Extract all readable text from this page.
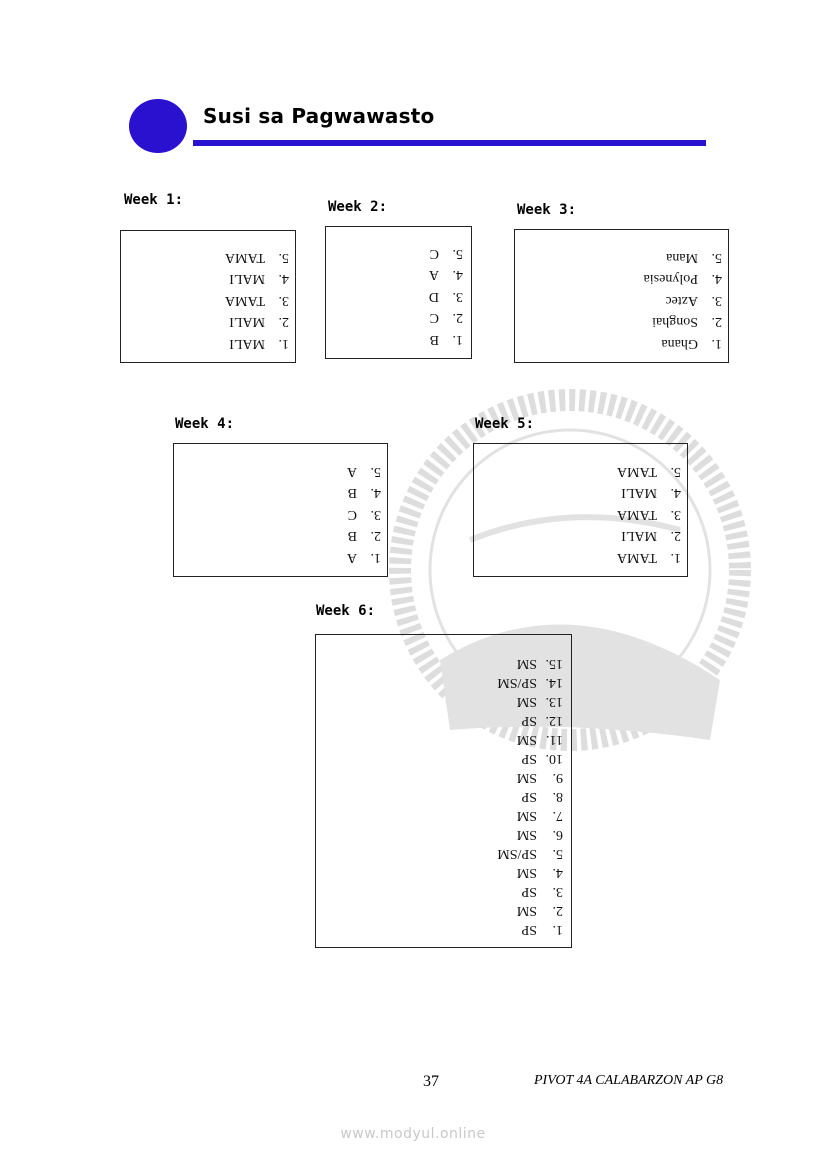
Susi sa Pagwawasto
Week 1:
1.
MALI
2.
MALI
3.
TAMA
4.
MALI
5.
TAMA
Week 2:
1.
B
2.
C
3.
D
4.
A
5.
C
Week 3:
1.
Ghana
2.
Songhai
3.
Aztec
4.
Polynesia
5.
Mana
Week 4:
1.
A
2.
B
3.
C
4.
B
5.
A
Week 5:
1.
TAMA
2.
MALI
3.
TAMA
4.
MALI
5.
TAMA
Week 6:
1.
SP
2.
SM
3.
SP
4.
SM
5.
SP/SM
6.
SM
7.
SM
8.
SP
9.
SM
10.
SP
11.
SM
12.
SP
13.
SM
14.
SP/SM
15.
SM
37	PIVOT 4A CALABARZON AP G8
www.modyul.online
